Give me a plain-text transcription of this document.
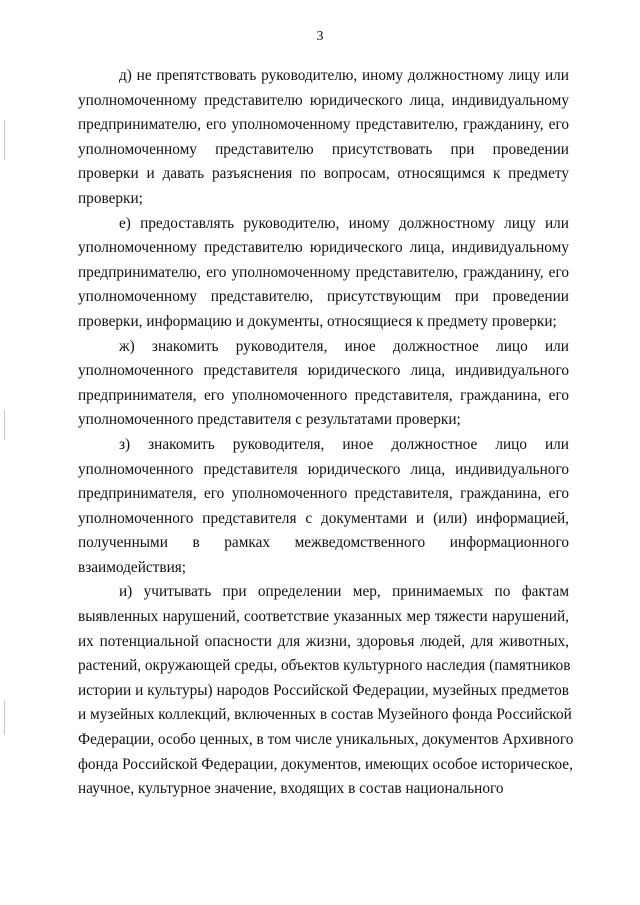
3

д) не препятствовать руководителю, иному должностному лицу или
уполномоченному представителю юридического лица, индивидуальному
предпринимателю, его уполномоченному представителю, гражданину, его
уполномоченному представителю присутствовать при проведении
проверки и давать разъяснения по вопросам, относящимся к предмету
проверки;

е) предоставлять руководителю, иному должностному лицу или
уполномоченному представителю юридического лица, индивидуальному
предпринимателю, его уполномоченному представителю, гражданину, его
уполномоченному представителю, присутствующим при проведении
проверки, информацию и документы, относящиеся к предмету проверки;

ж) знакомить руководителя, иное должностное лицо или
уполномоченного представителя юридического лица, индивидуального
предпринимателя, его уполномоченного представителя, гражданина, его
уполномоченного представителя с результатами проверки;

з) знакомить руководителя, иное должностное лицо или
уполномоченного представителя юридического лица, индивидуального
предпринимателя, его уполномоченного представителя, гражданина, его
уполномоченного представителя с документами и (или) информацией,
полученными в рамках межведомственного информационного
взаимодействия;

и) учитывать при определении мер, принимаемых по фактам
выявленных нарушений, соответствие указанных мер тяжести нарушений,
их потенциальной опасности для жизни, здоровья людей, для животных,
растений, окружающей среды, объектов культурного наследия (памятников
истории и культуры) народов Российской Федерации, музейных предметов
и музейных коллекций, включенных в состав Музейного фонда Российской
Федерации, особо ценных, в том числе уникальных, документов Архивного
фонда Российской Федерации, документов, имеющих особое историческое,
научное, культурное значение, входящих в состав национального
